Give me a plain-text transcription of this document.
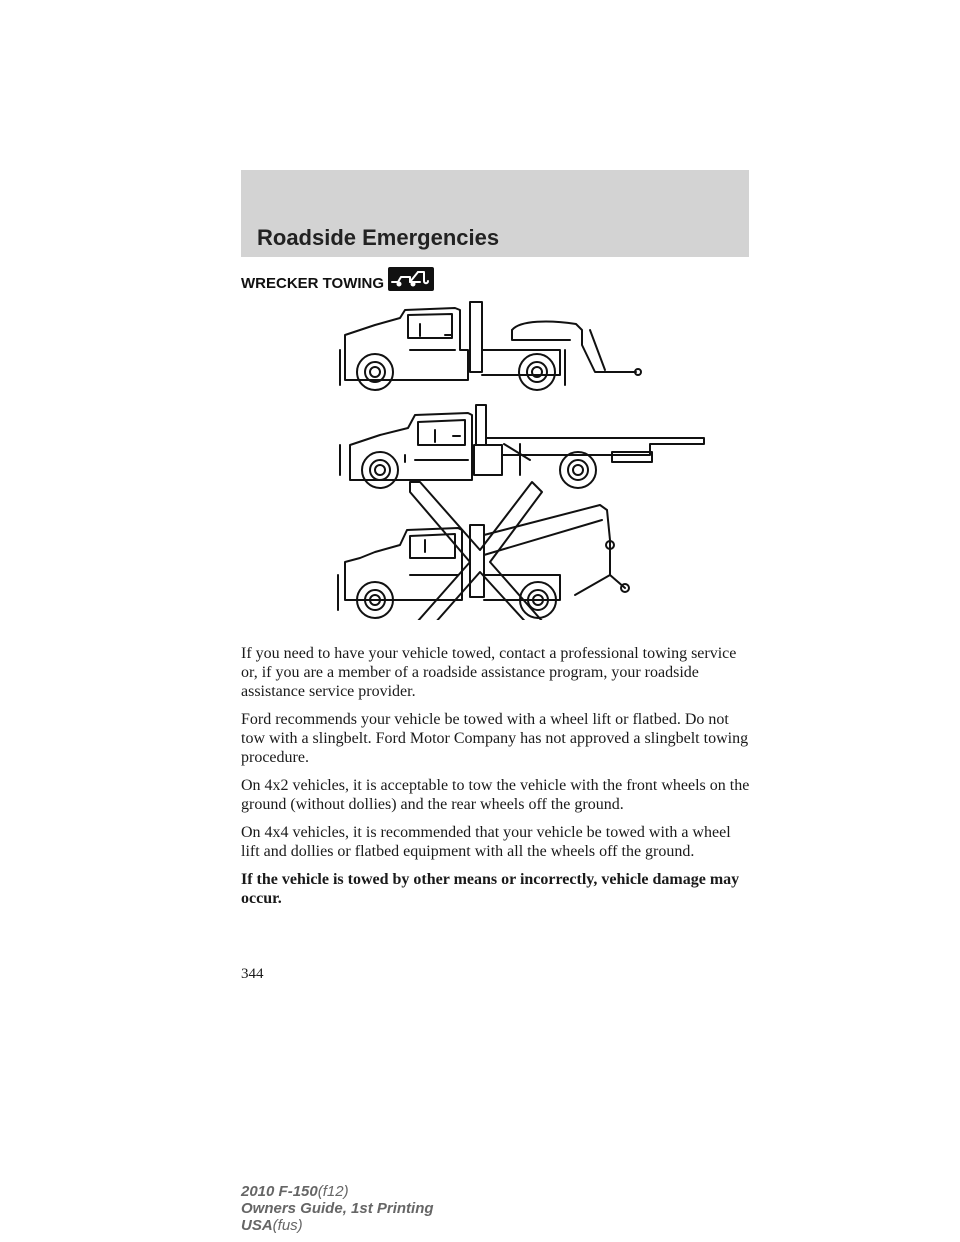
Roadside Emergencies
WRECKER TOWING

If you need to have your vehicle towed, contact a professional towing service or, if you are a member of a roadside assistance program, your roadside assistance service provider.

Ford recommends your vehicle be towed with a wheel lift or flatbed. Do not tow with a slingbelt. Ford Motor Company has not approved a slingbelt towing procedure.

On 4x2 vehicles, it is acceptable to tow the vehicle with the front wheels on the ground (without dollies) and the rear wheels off the ground.

On 4x4 vehicles, it is recommended that your vehicle be towed with a wheel lift and dollies or flatbed equipment with all the wheels off the ground.

If the vehicle is towed by other means or incorrectly, vehicle damage may occur.

344
2010 F-150(f12)
Owners Guide, 1st Printing
USA(fus)
